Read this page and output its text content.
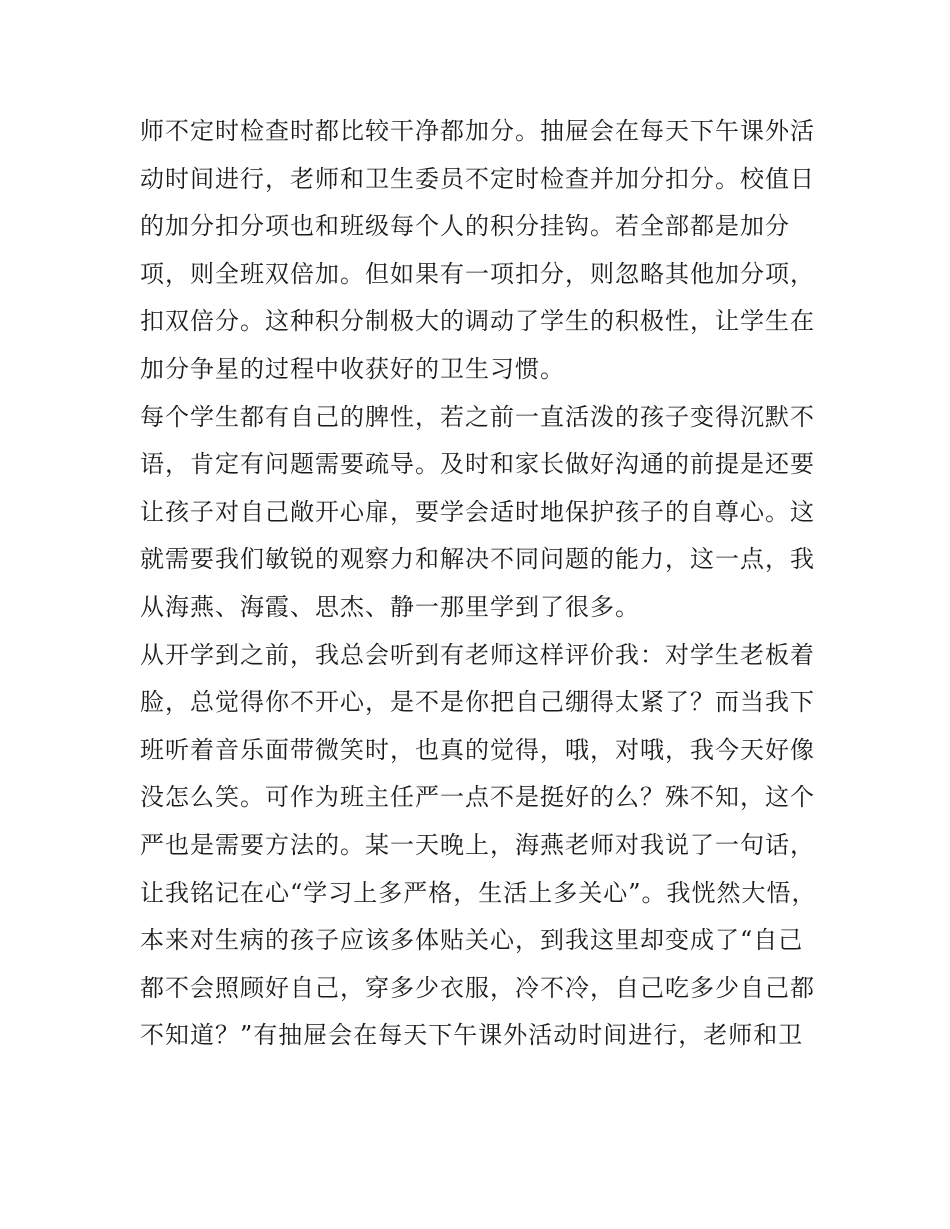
师不定时检查时都比较干净都加分。抽屉会在每天下午课外活
动时间进行，老师和卫生委员不定时检查并加分扣分。校值日
的加分扣分项也和班级每个人的积分挂钩。若全部都是加分
项，则全班双倍加。但如果有一项扣分，则忽略其他加分项，
扣双倍分。这种积分制极大的调动了学生的积极性，让学生在
加分争星的过程中收获好的卫生习惯。
每个学生都有自己的脾性，若之前一直活泼的孩子变得沉默不
语，肯定有问题需要疏导。及时和家长做好沟通的前提是还要
让孩子对自己敞开心扉，要学会适时地保护孩子的自尊心。这
就需要我们敏锐的观察力和解决不同问题的能力，这一点，我
从海燕、海霞、思杰、静一那里学到了很多。
从开学到之前，我总会听到有老师这样评价我：对学生老板着
脸，总觉得你不开心，是不是你把自己绷得太紧了？而当我下
班听着音乐面带微笑时，也真的觉得，哦，对哦，我今天好像
没怎么笑。可作为班主任严一点不是挺好的么？殊不知，这个
严也是需要方法的。某一天晚上，海燕老师对我说了一句话，
让我铭记在心“学习上多严格，生活上多关心”。我恍然大悟，
本来对生病的孩子应该多体贴关心，到我这里却变成了“自己
都不会照顾好自己，穿多少衣服，冷不冷，自己吃多少自己都
不知道？”有抽屉会在每天下午课外活动时间进行，老师和卫
